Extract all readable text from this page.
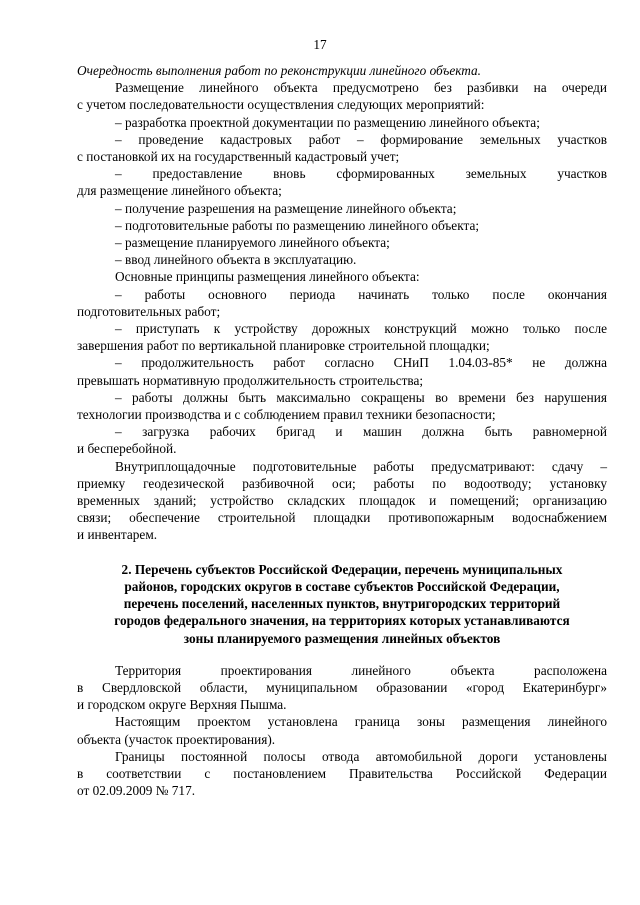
17

Очередность выполнения работ по реконструкции линейного объекта.

Размещение линейного объекта предусмотрено без разбивки на очереди

с учетом последовательности осуществления следующих мероприятий:

– разработка проектной документации по размещению линейного объекта;

– проведение кадастровых работ – формирование земельных участков

с постановкой их на государственный кадастровый учет;

– предоставление вновь сформированных земельных участков

для размещение линейного объекта;

– получение разрешения на размещение линейного объекта;

– подготовительные работы по размещению линейного объекта;

– размещение планируемого линейного объекта;

– ввод линейного объекта в эксплуатацию.

Основные принципы размещения линейного объекта:

– работы основного периода начинать только после окончания

подготовительных работ;

– приступать к устройству дорожных конструкций можно только после

завершения работ по вертикальной планировке строительной площадки;

– продолжительность работ согласно СНиП 1.04.03-85* не должна

превышать нормативную продолжительность строительства;

– работы должны быть максимально сокращены во времени без нарушения

технологии производства и с соблюдением правил техники безопасности;

– загрузка рабочих бригад и машин должна быть равномерной

и бесперебойной.

Внутриплощадочные подготовительные работы предусматривают: сдачу –

приемку геодезической разбивочной оси; работы по водоотводу; установку

временных зданий; устройство складских площадок и помещений; организацию

связи; обеспечение строительной площадки противопожарным водоснабжением

и инвентарем.

2. Перечень субъектов Российской Федерации, перечень муниципальных

районов, городских округов в составе субъектов Российской Федерации,

перечень поселений, населенных пунктов, внутригородских территорий

городов федерального значения, на территориях которых устанавливаются

зоны планируемого размещения линейных объектов

Территория проектирования линейного объекта расположена

в Свердловской области, муниципальном образовании «город Екатеринбург»

и городском округе Верхняя Пышма.

Настоящим проектом установлена граница зоны размещения линейного

объекта (участок проектирования).

Границы постоянной полосы отвода автомобильной дороги установлены

в соответствии с постановлением Правительства Российской Федерации

от 02.09.2009 № 717.
